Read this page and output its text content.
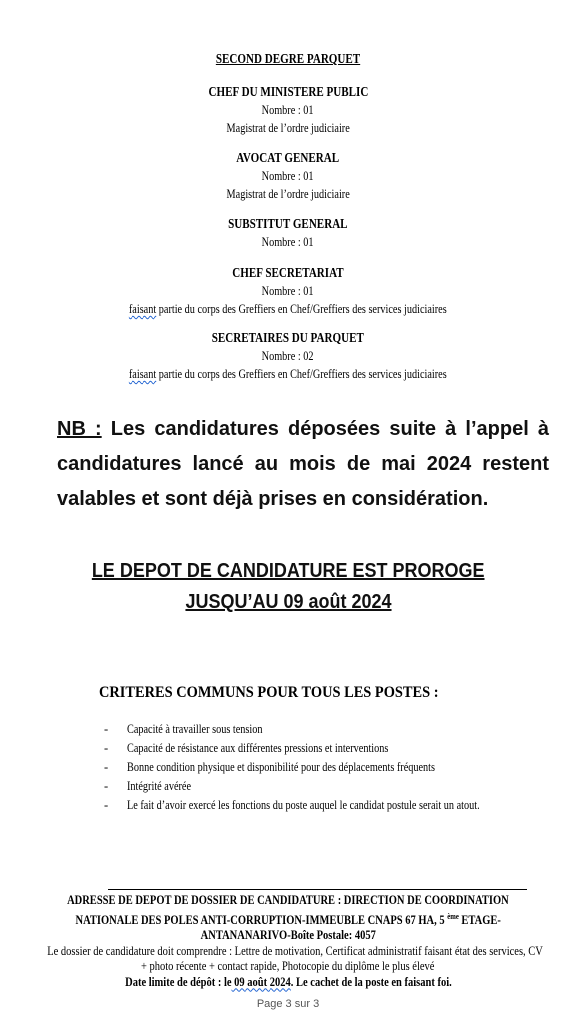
SECOND DEGRE PARQUET
CHEF DU MINISTERE PUBLIC
Nombre : 01
Magistrat de l’ordre judiciaire
AVOCAT GENERAL
Nombre : 01
Magistrat de l’ordre judiciaire
SUBSTITUT GENERAL
Nombre : 01
CHEF SECRETARIAT
Nombre : 01
faisant partie du corps des Greffiers en Chef/Greffiers des services judiciaires
SECRETAIRES DU PARQUET
Nombre : 02
faisant partie du corps des Greffiers en Chef/Greffiers des services judiciaires
NB : Les candidatures déposées suite à l’appel à candidatures lancé au mois de mai 2024 restent valables et sont déjà prises en considération.
LE DEPOT DE CANDIDATURE EST PROROGE
JUSQU’AU 09 août 2024
CRITERES COMMUNS POUR TOUS LES POSTES :
- Capacité à travailler sous tension
- Capacité de résistance aux différentes pressions et interventions
- Bonne condition physique et disponibilité pour des déplacements fréquents
- Intégrité avérée
- Le fait d’avoir exercé les fonctions du poste auquel le candidat postule serait un atout.
ADRESSE DE DEPOT DE DOSSIER DE CANDIDATURE : DIRECTION DE COORDINATION
NATIONALE DES POLES ANTI-CORRUPTION-IMMEUBLE CNAPS 67 HA, 5 $^{ème}$ ETAGE-
ANTANANARIVO-Boîte Postale: 4057
Le dossier de candidature doit comprendre : Lettre de motivation, Certificat administratif faisant état des services, CV
+ photo récente + contact rapide, Photocopie du diplôme le plus élevé
Date limite de dépôt : le 09 août 2024. Le cachet de la poste en faisant foi.
Page 3 sur 3
